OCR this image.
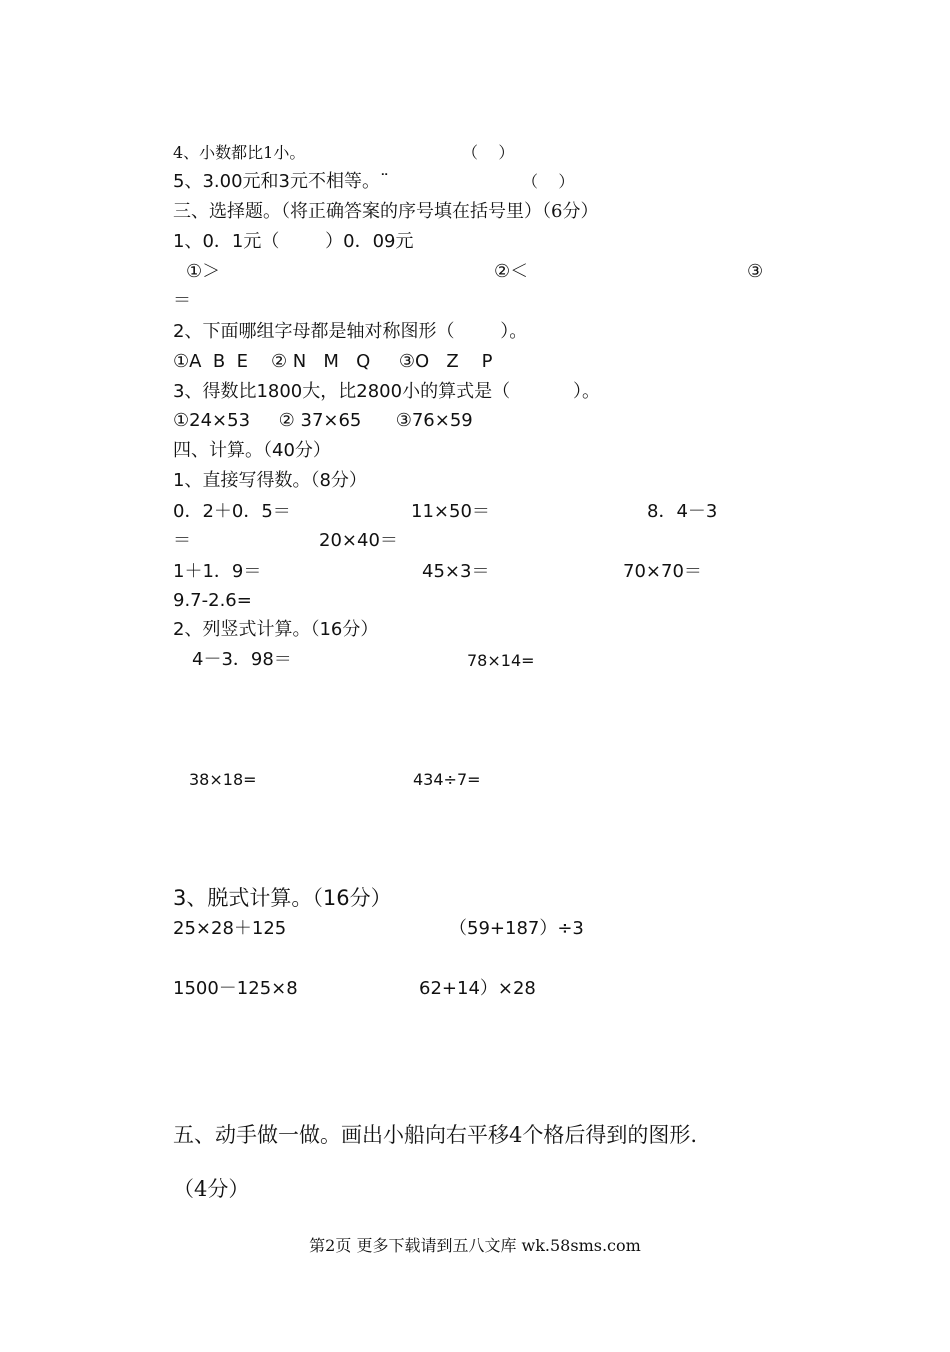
4、小数都比1小。	（    ）
5、3.00元和3元不相等。¨	（    ）
三、选择题。（将正确答案的序号填在括号里）（6分）
1、0．1元（        ）0．09元
①＞	②＜	③
＝
2、下面哪组字母都是轴对称图形（        ）。
①A  B  E    ② N   M   Q     ③O   Z    P
3、得数比1800大，比2800小的算式是（           ）。
①24×53     ② 37×65      ③76×59
四、计算。（40分）
1、直接写得数。（8分）
0．2＋0．5＝	11×50＝	8．4－3
＝	20×40＝
1＋1．9＝	45×3＝	70×70＝
9.7-2.6=
2、列竖式计算。（16分）
4－3．98＝	78×14=
38×18=	434÷7=
3、脱式计算。（16分）
25×28＋125	（59+187）÷3
1500－125×8	62+14）×28
五、动手做一做。画出小船向右平移4个格后得到的图形.
（4分）
第2页 更多下载请到五八文库 wk.58sms.com
